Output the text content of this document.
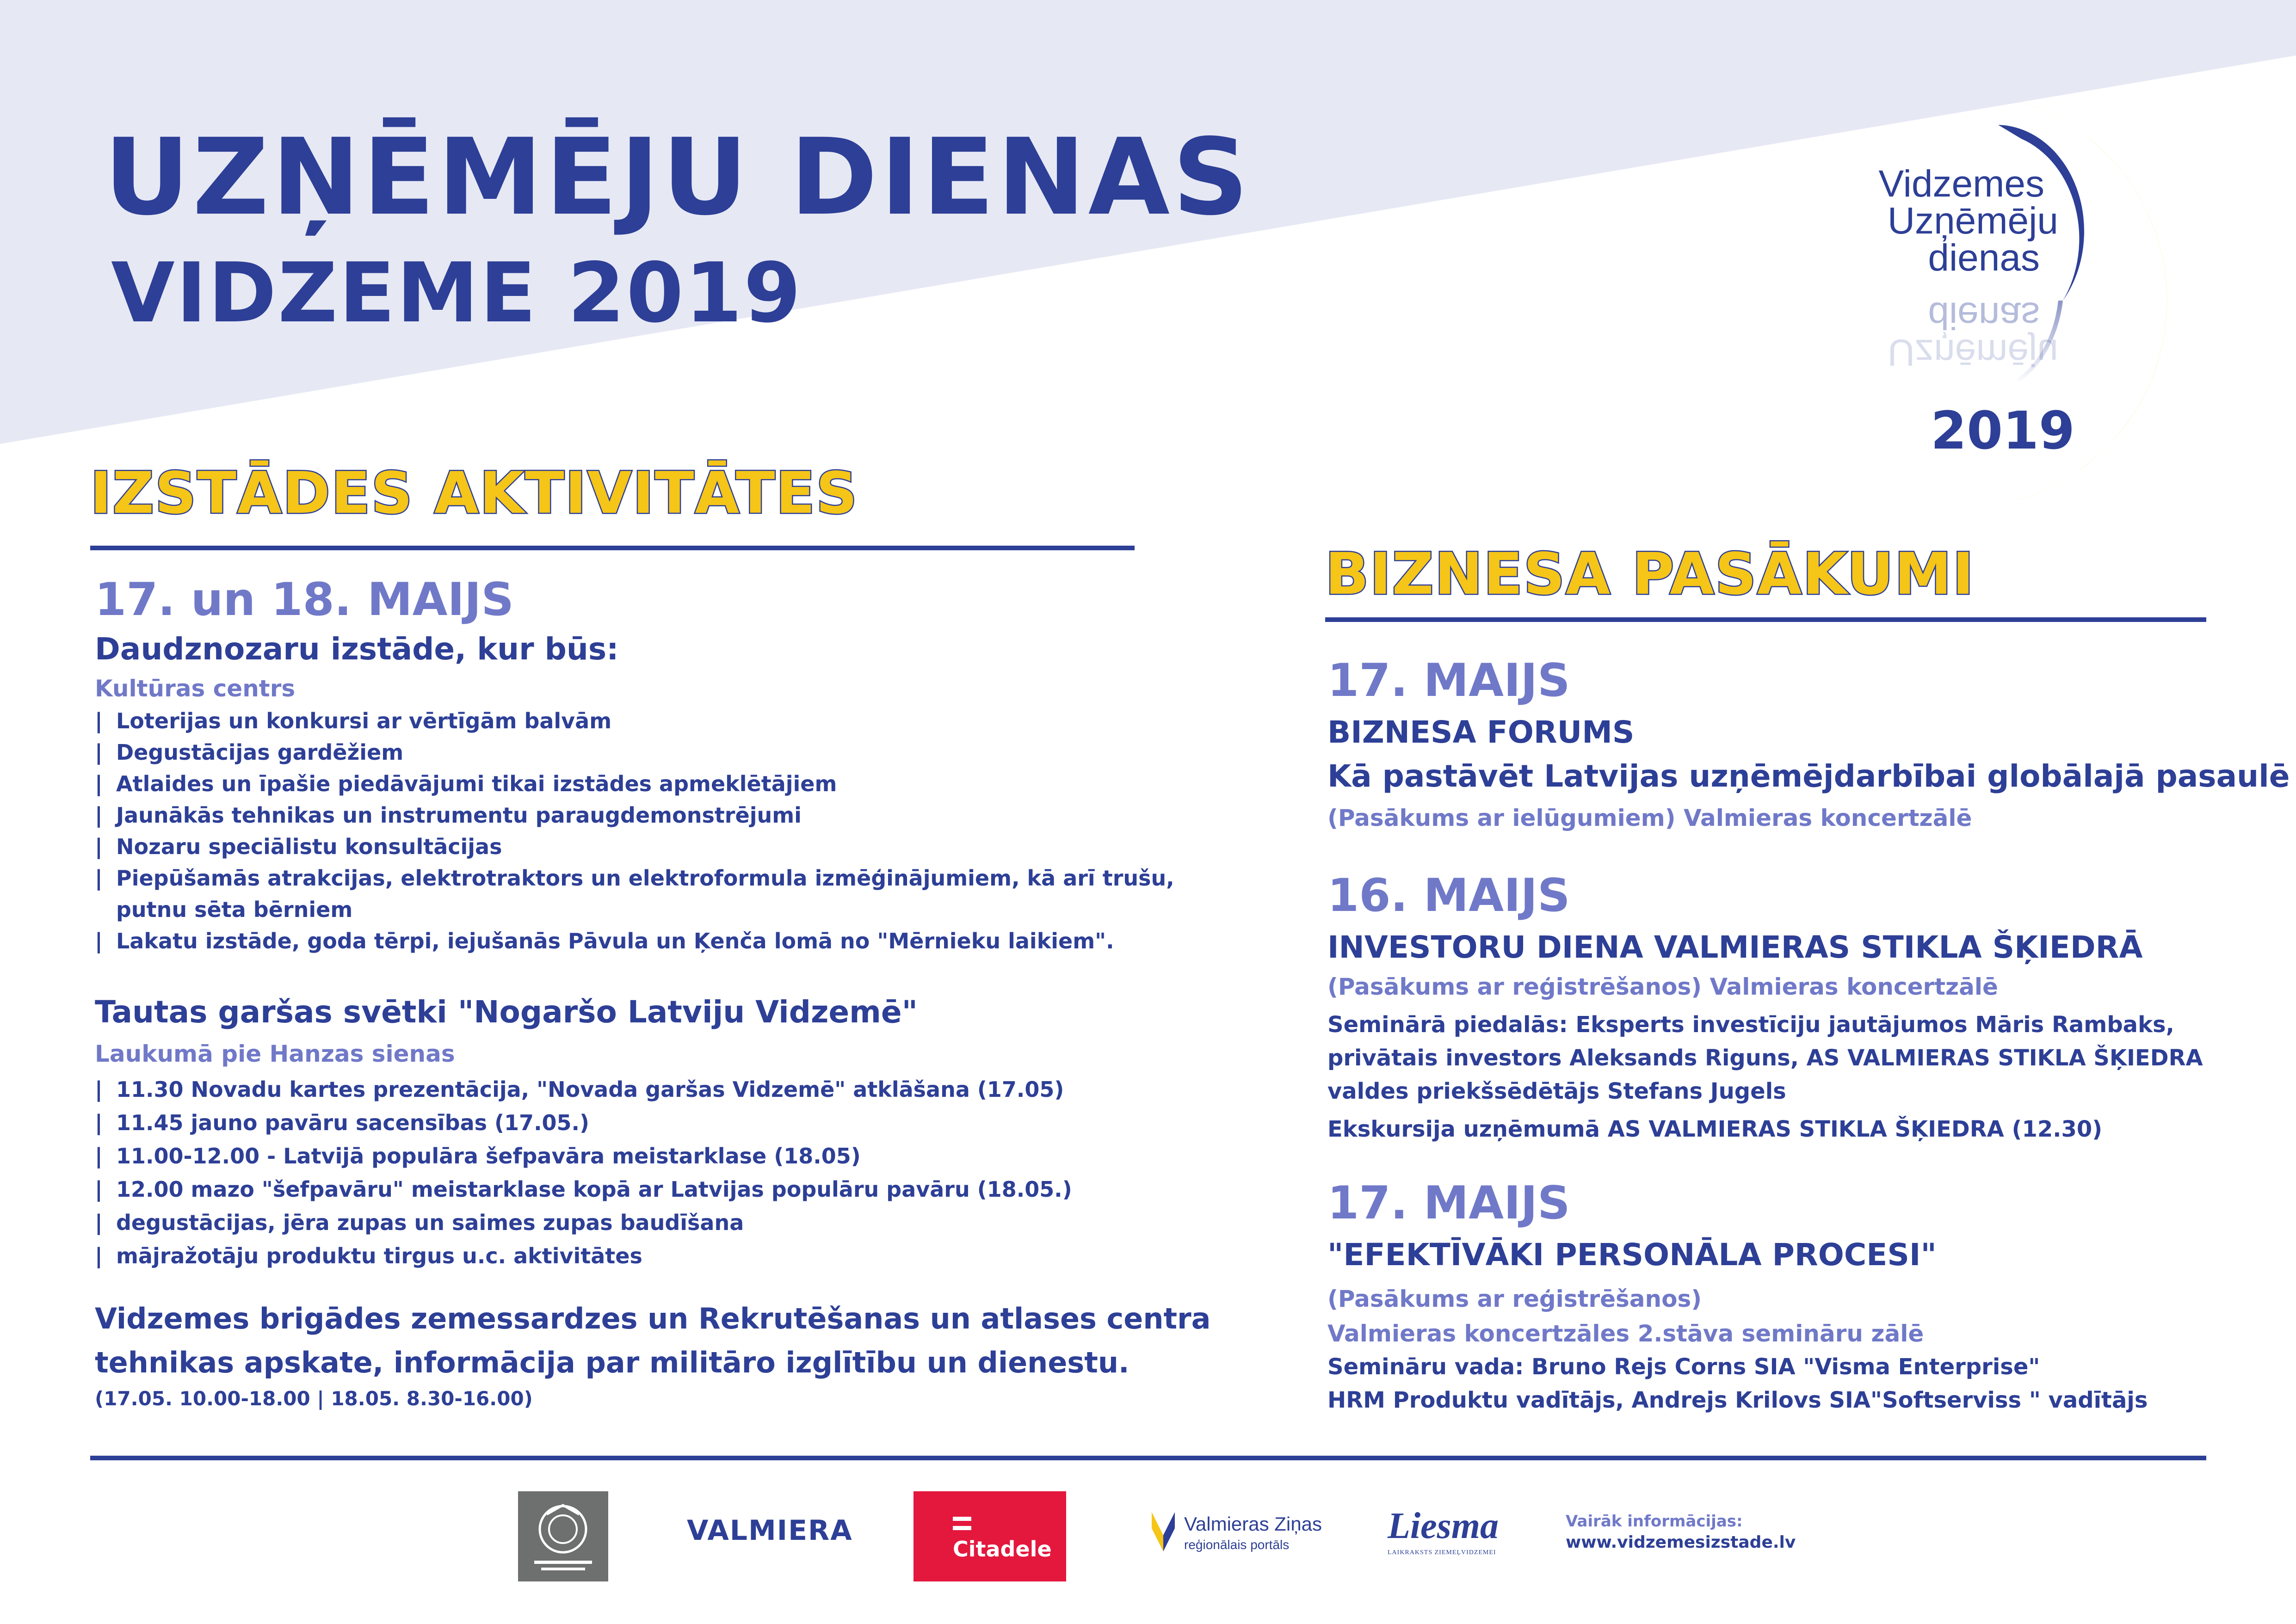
UZŅĒMĒJU DIENAS
VIDZEME 2019
Vidzemes
Uzņēmēju
dienas
dienas
Uzņēmēju
2019
IZSTĀDES AKTIVITĀTES
17. un 18. MAIJS
Daudznozaru izstāde, kur būs:
Kultūras centrs
| Loterijas un konkursi ar vērtīgām balvām
| Degustācijas gardēžiem
| Atlaides un īpašie piedāvājumi tikai izstādes apmeklētājiem
| Jaunākās tehnikas un instrumentu paraugdemonstrējumi
| Nozaru speciālistu konsultācijas
| Piepūšamās atrakcijas, elektrotraktors un elektroformula izmēģinājumiem, kā arī trušu,
putnu sēta bērniem
| Lakatu izstāde, goda tērpi, iejušanās Pāvula un Ķenča lomā no "Mērnieku laikiem".
Tautas garšas svētki "Nogaršo Latviju Vidzemē"
Laukumā pie Hanzas sienas
| 11.30 Novadu kartes prezentācija, "Novada garšas Vidzemē" atklāšana (17.05)
| 11.45 jauno pavāru sacensības (17.05.)
| 11.00-12.00 - Latvijā populāra šefpavāra meistarklase (18.05)
| 12.00 mazo "šefpavāru" meistarklase kopā ar Latvijas populāru pavāru (18.05.)
| degustācijas, jēra zupas un saimes zupas baudīšana
| mājražotāju produktu tirgus u.c. aktivitātes
Vidzemes brigādes zemessardzes un Rekrutēšanas un atlases centra
tehnikas apskate, informācija par militāro izglītību un dienestu.
(17.05. 10.00-18.00 | 18.05. 8.30-16.00)
BIZNESA PASĀKUMI
17. MAIJS
BIZNESA FORUMS
Kā pastāvēt Latvijas uzņēmējdarbībai globālajā pasaulē
(Pasākums ar ielūgumiem) Valmieras koncertzālē
16. MAIJS
INVESTORU DIENA VALMIERAS STIKLA ŠĶIEDRĀ
(Pasākums ar reģistrēšanos) Valmieras koncertzālē
Seminārā piedalās: Eksperts investīciju jautājumos Māris Rambaks,
privātais investors Aleksands Riguns, AS VALMIERAS STIKLA ŠĶIEDRA
valdes priekšsēdētājs Stefans Jugels
Ekskursija uzņēmumā AS VALMIERAS STIKLA ŠĶIEDRA (12.30)
17. MAIJS
"EFEKTĪVĀKI PERSONĀLA PROCESI"
(Pasākums ar reģistrēšanos)
Valmieras koncertzāles 2.stāva semināru zālē
Semināru vada: Bruno Rejs Corns SIA "Visma Enterprise"
HRM Produktu vadītājs, Andrejs Krilovs SIA"Softserviss " vadītājs
VALMIERA
Citadele
Valmieras Ziņas
reģionālais portāls	Liesma
LAIKRAKSTS ZIEMEĻVIDZEMEI
Vairāk informācijas:
www.vidzemesizstade.lv
